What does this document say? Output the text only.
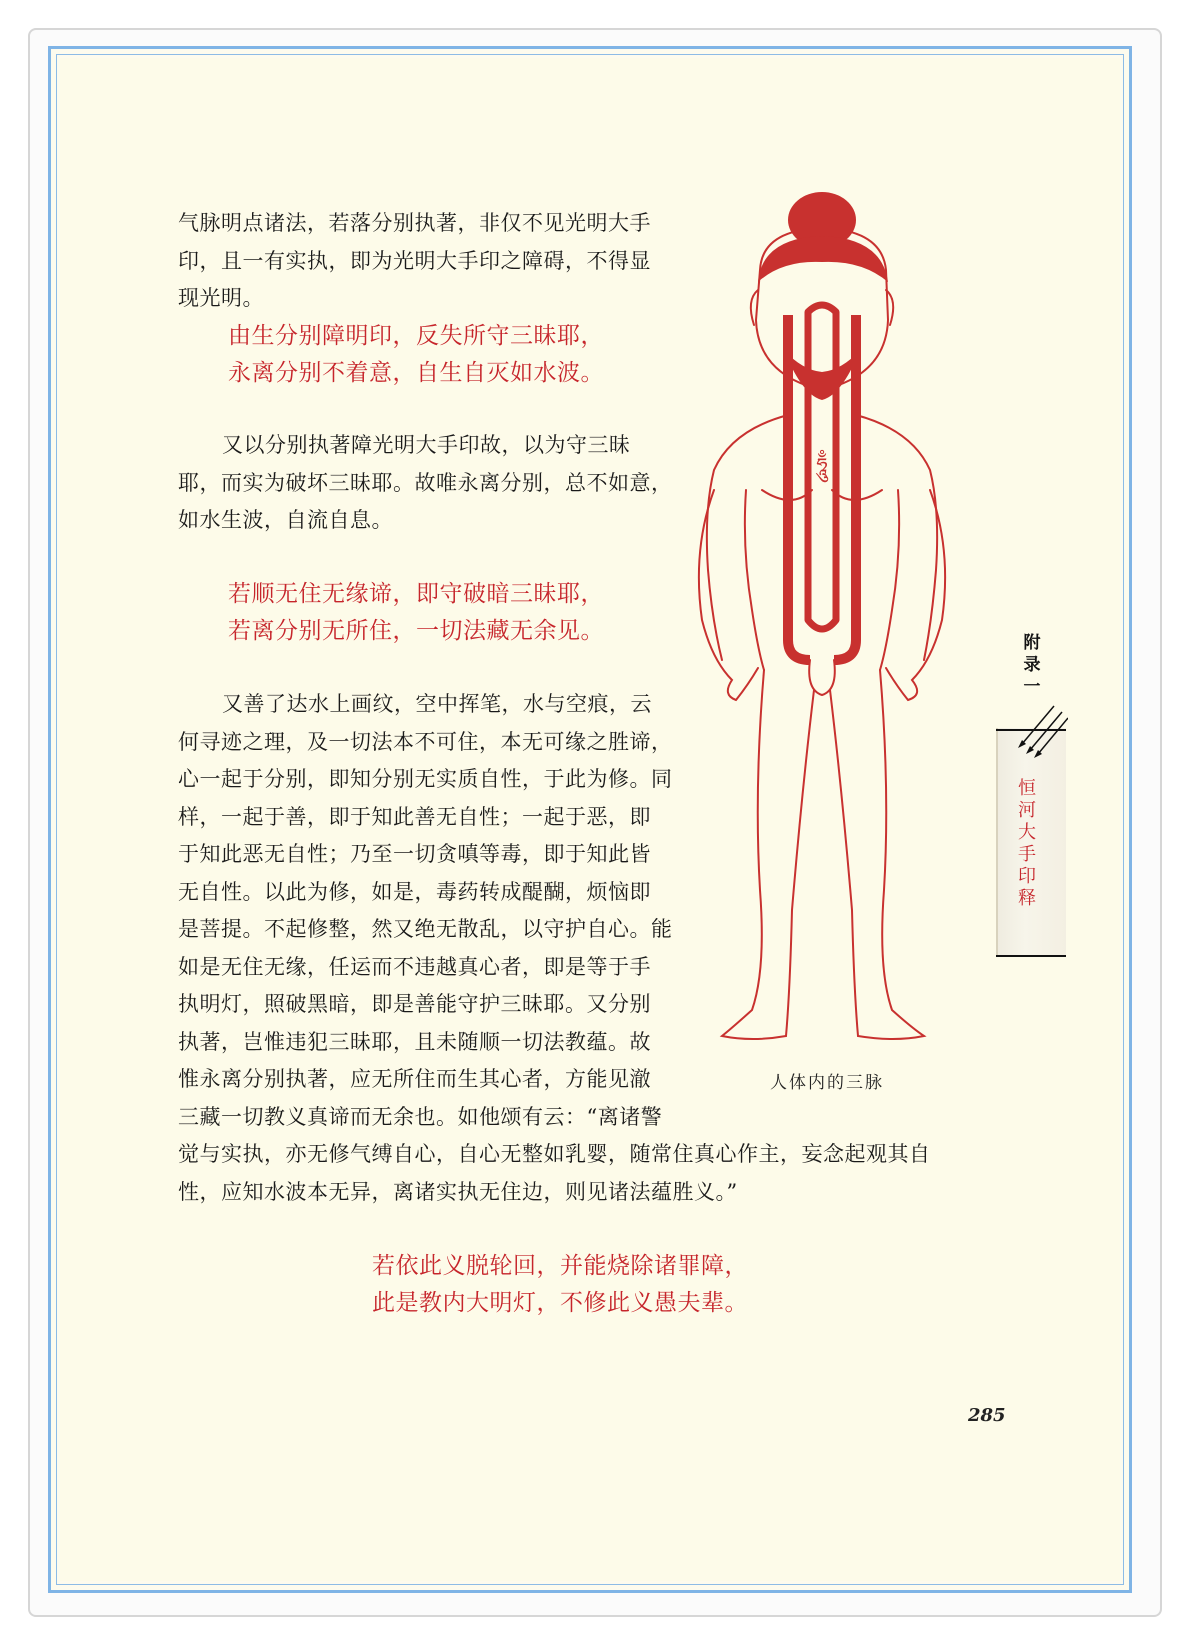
气脉明点诸法，若落分别执著，非仅不见光明大手
印，且一有实执，即为光明大手印之障碍，不得显
现光明。
由生分别障明印，反失所守三昧耶，
永离分别不着意，自生自灭如水波。
又以分别执著障光明大手印故，以为守三昧
耶，而实为破坏三昧耶。故唯永离分别，总不如意，
如水生波，自流自息。
若顺无住无缘谛，即守破暗三昧耶，
若离分别无所住，一切法藏无余见。
又善了达水上画纹，空中挥笔，水与空痕，云
何寻迹之理，及一切法本不可住，本无可缘之胜谛，
心一起于分别，即知分别无实质自性，于此为修。同
样，一起于善，即于知此善无自性；一起于恶，即
于知此恶无自性；乃至一切贪嗔等毒，即于知此皆
无自性。以此为修，如是，毒药转成醍醐，烦恼即
是菩提。不起修整，然又绝无散乱，以守护自心。能
如是无住无缘，任运而不违越真心者，即是等于手
执明灯，照破黑暗，即是善能守护三昧耶。又分别
执著，岂惟违犯三昧耶，且未随顺一切法教蕴。故
惟永离分别执著，应无所住而生其心者，方能见澈
三藏一切教义真谛而无余也。如他颂有云：“离诸警
觉与实执，亦无修气缚自心，自心无整如乳婴，随常住真心作主，妄念起观其自
性，应知水波本无异，离诸实执无住边，则见诸法蕴胜义。”
若依此义脱轮回，并能烧除诸罪障，
此是教内大明灯，不修此义愚夫辈。
ཧཱུྃ
人体内的三脉
附
录
一
恒
河
大
手
印
释
285
